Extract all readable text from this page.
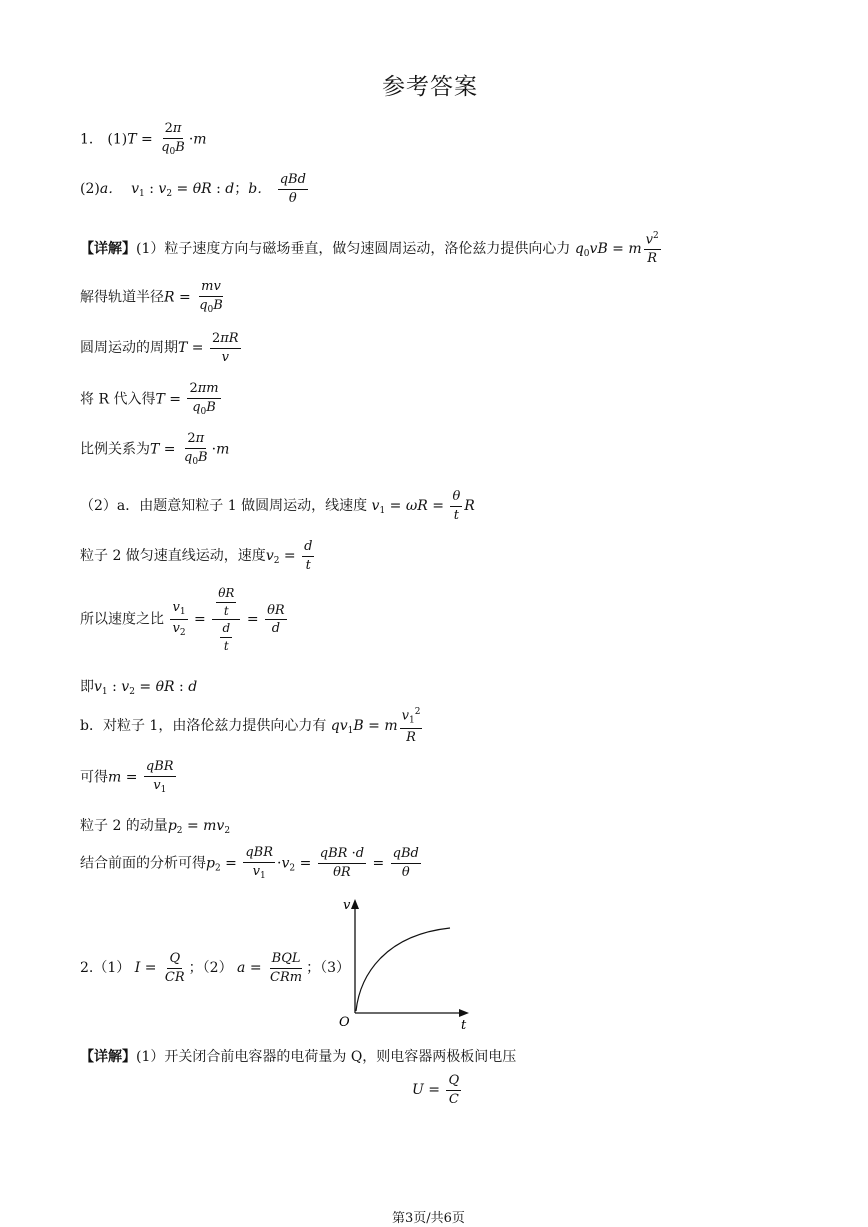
参考答案
1． $(1)T = \frac{2\pi}{q_0B} \cdot m$
(2)a． $v_1$ : $v_2 = \theta R$ : d；b． $\frac{\text{qBd}}{\theta}$
【详解】(1）粒子速度方向与磁场垂直，做匀速圆周运动，洛伦兹力提供向心力 $q_0vB = m \frac{v^2}{R}$
解得轨道半径$R = \frac{mv}{q_0B}$
圆周运动的周期$T = \frac{2\pi R}{v}$
将 R 代入得$T = \frac{2\pi m}{q_0B}$
比例关系为$T = \frac{2\pi}{q_0B} \cdot m$
（2）a．由题意知粒子 1 做圆周运动，线速度 $v_1 = \omega R = \frac{\theta}{t}$ R
粒子 2 做匀速直线运动，速度$v_2 = \frac{d}{t}$
所以速度之比 $\frac{v_1}{v_2} = \frac{\frac{\theta R}{t}}{\frac{d}{t}} = \frac{\theta R}{d}$
即$v_1$ : $v_2 = \theta R$ : d
b．对粒子 1，由洛伦兹力提供向心力有 $qv_1B = m \frac{v_1^2}{R}$
可得$m = \frac{\text{qBR}}{v_1}$
粒子 2 的动量$p_2 = mv_2$
结合前面的分析可得$p_2 = \frac{\text{qBR}}{v_1} \cdot v_2 = \frac{\text{qBR ·d}}{\theta R} = \frac{\text{qBd}}{\theta}$
2.（1） $I = \frac{Q}{CR}$ ；（2） $a = \frac{\text{BQL}}{\text{CRm}}$ ；（3）
v
t
O
【详解】(1）开关闭合前电容器的电荷量为 Q，则电容器两极板间电压
$U = \frac{Q}{C}$
第3页/共6页
